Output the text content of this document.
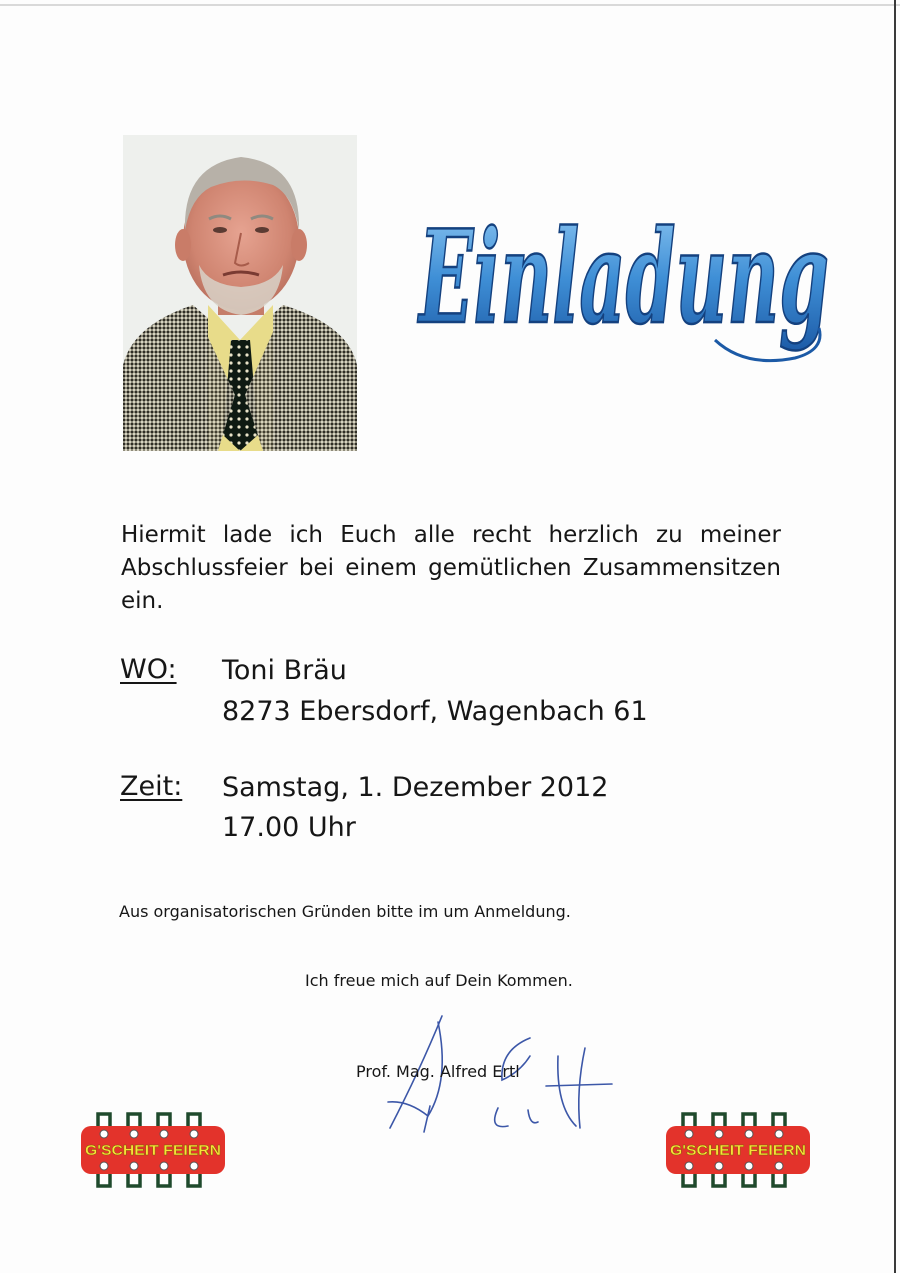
Einladung
Hiermit lade ich Euch alle recht herzlich zu meiner Abschlussfeier bei einem gemütlichen Zusammensitzen ein.
WO: Toni Bräu
8273 Ebersdorf, Wagenbach 61
Zeit: Samstag, 1. Dezember 2012
17.00 Uhr
Aus organisatorischen Gründen bitte im um Anmeldung.
Ich freue mich auf Dein Kommen.
Prof. Mag. Alfred Ertl
G'SCHEIT FEIERN	G'SCHEIT FEIERN
